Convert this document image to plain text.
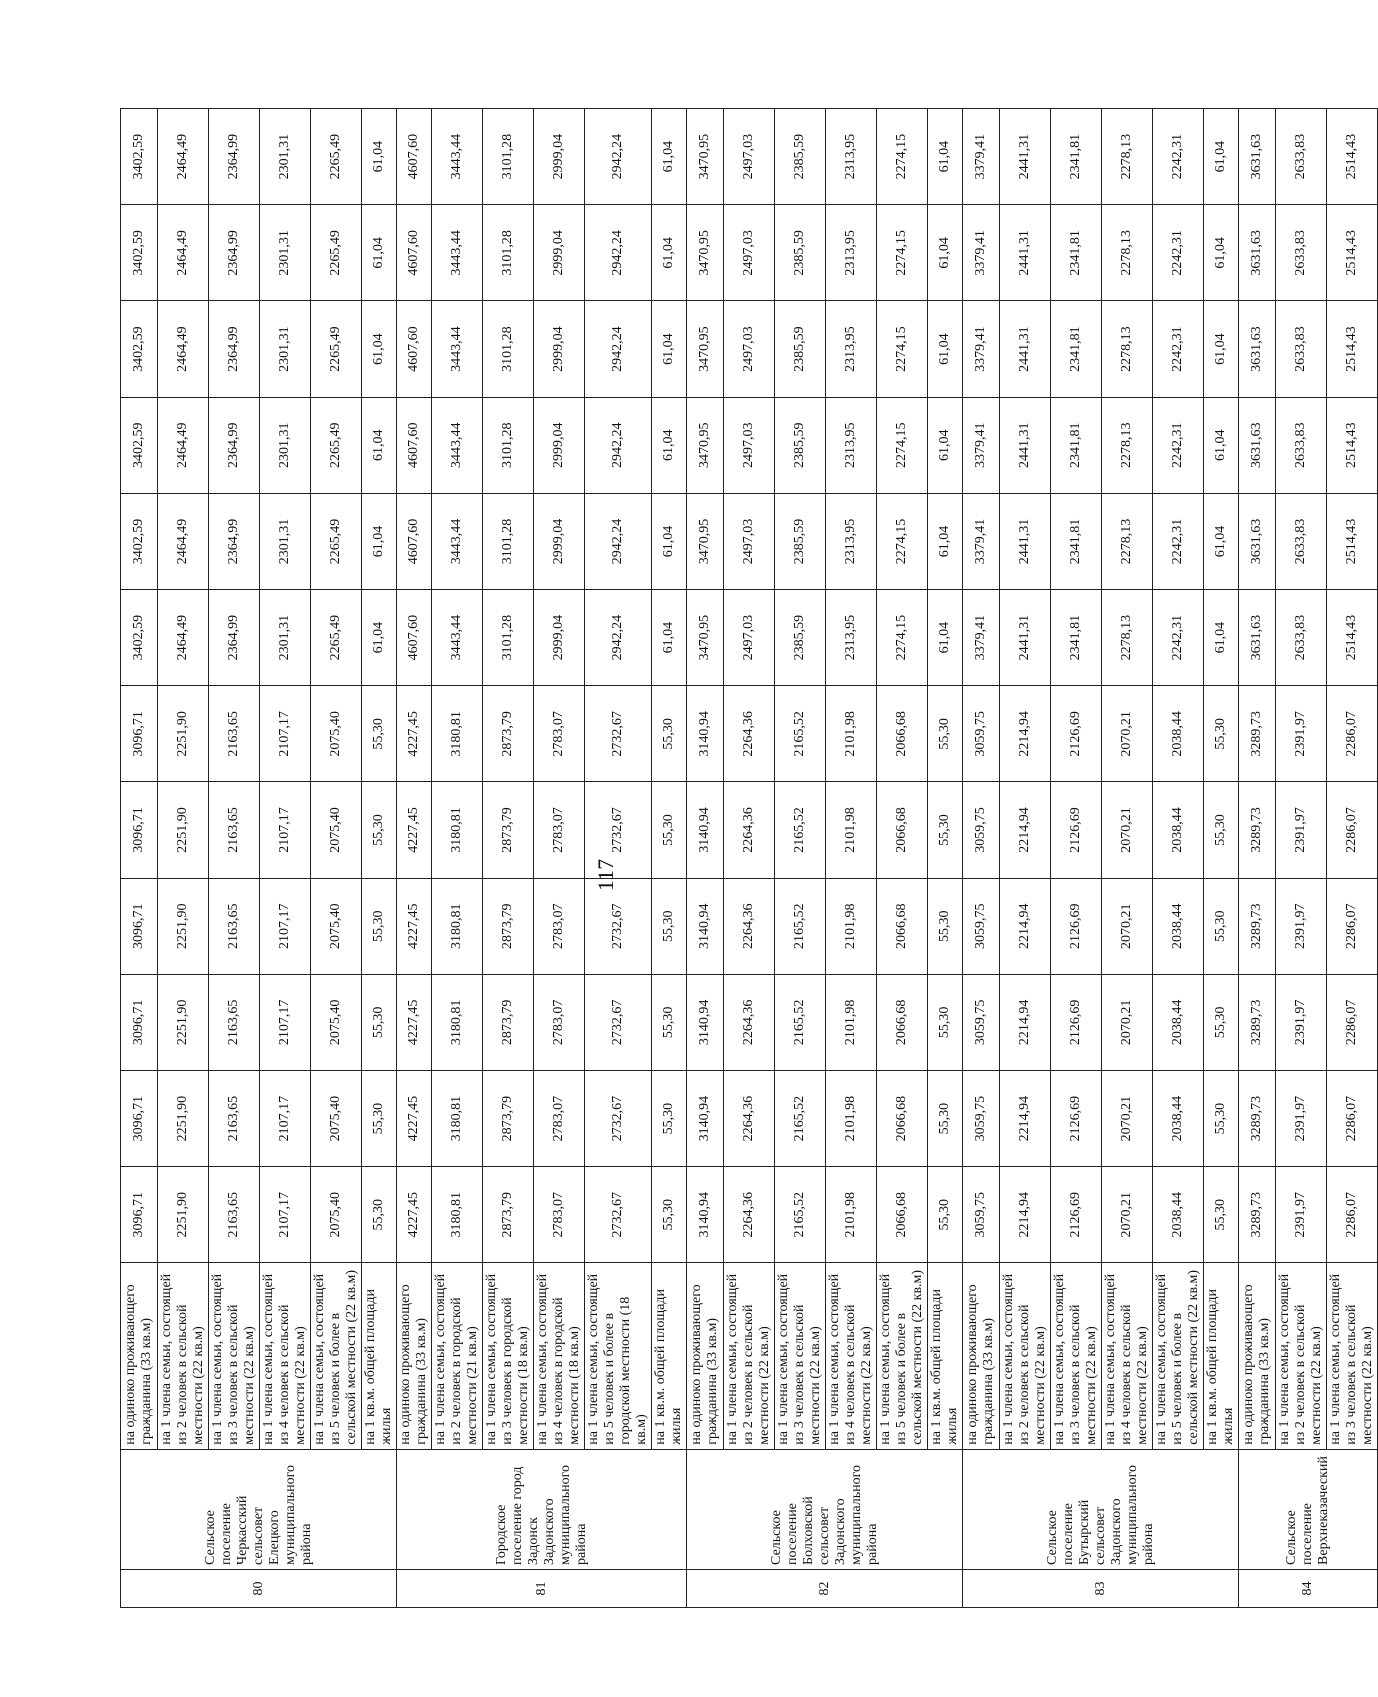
80	Сельское поселение Черкасский сельсовет Елецкого муниципального района	на одиноко проживающего гражданина (33 кв.м)	3096,71	3096,71	3096,71	3096,71	3096,71	3096,71	3402,59	3402,59	3402,59	3402,59	3402,59	3402,59
		на 1 члена семьи, состоящей из 2 человек в сельской местности (22 кв.м)	2251,90	2251,90	2251,90	2251,90	2251,90	2251,90	2464,49	2464,49	2464,49	2464,49	2464,49	2464,49
		на 1 члена семьи, состоящей из 3 человек в сельской местности (22 кв.м)	2163,65	2163,65	2163,65	2163,65	2163,65	2163,65	2364,99	2364,99	2364,99	2364,99	2364,99	2364,99
		на 1 члена семьи, состоящей из 4 человек в сельской местности (22 кв.м)	2107,17	2107,17	2107,17	2107,17	2107,17	2107,17	2301,31	2301,31	2301,31	2301,31	2301,31	2301,31
		на 1 члена семьи, состоящей из 5 человек и более в сельской местности (22 кв.м)	2075,40	2075,40	2075,40	2075,40	2075,40	2075,40	2265,49	2265,49	2265,49	2265,49	2265,49	2265,49
		на 1 кв.м. общей площади жилья	55,30	55,30	55,30	55,30	55,30	55,30	61,04	61,04	61,04	61,04	61,04	61,04
81	Городское поселение город Задонск Задонского муниципального района	на одиноко проживающего гражданина (33 кв.м)	4227,45	4227,45	4227,45	4227,45	4227,45	4227,45	4607,60	4607,60	4607,60	4607,60	4607,60	4607,60
		на 1 члена семьи, состоящей из 2 человек в городской местности (21 кв.м)	3180,81	3180,81	3180,81	3180,81	3180,81	3180,81	3443,44	3443,44	3443,44	3443,44	3443,44	3443,44
		на 1 члена семьи, состоящей из 3 человек в городской местности (18 кв.м)	2873,79	2873,79	2873,79	2873,79	2873,79	2873,79	3101,28	3101,28	3101,28	3101,28	3101,28	3101,28
		на 1 члена семьи, состоящей из 4 человек в городской местности (18 кв.м)	2783,07	2783,07	2783,07	2783,07	2783,07	2783,07	2999,04	2999,04	2999,04	2999,04	2999,04	2999,04
		на 1 члена семьи, состоящей из 5 человек и более в городской местности (18 кв.м)	2732,67	2732,67	2732,67	2732,67	2732,67	2732,67	2942,24	2942,24	2942,24	2942,24	2942,24	2942,24
		на 1 кв.м. общей площади жилья	55,30	55,30	55,30	55,30	55,30	55,30	61,04	61,04	61,04	61,04	61,04	61,04
82	Сельское поселение Болховской сельсовет Задонского муниципального района	на одиноко проживающего гражданина (33 кв.м)	3140,94	3140,94	3140,94	3140,94	3140,94	3140,94	3470,95	3470,95	3470,95	3470,95	3470,95	3470,95
		на 1 члена семьи, состоящей из 2 человек в сельской местности (22 кв.м)	2264,36	2264,36	2264,36	2264,36	2264,36	2264,36	2497,03	2497,03	2497,03	2497,03	2497,03	2497,03
		на 1 члена семьи, состоящей из 3 человек в сельской местности (22 кв.м)	2165,52	2165,52	2165,52	2165,52	2165,52	2165,52	2385,59	2385,59	2385,59	2385,59	2385,59	2385,59
		на 1 члена семьи, состоящей из 4 человек в сельской местности (22 кв.м)	2101,98	2101,98	2101,98	2101,98	2101,98	2101,98	2313,95	2313,95	2313,95	2313,95	2313,95	2313,95
		на 1 члена семьи, состоящей из 5 человек и более в сельской местности (22 кв.м)	2066,68	2066,68	2066,68	2066,68	2066,68	2066,68	2274,15	2274,15	2274,15	2274,15	2274,15	2274,15
		на 1 кв.м. общей площади жилья	55,30	55,30	55,30	55,30	55,30	55,30	61,04	61,04	61,04	61,04	61,04	61,04
83	Сельское поселение Бутырский сельсовет Задонского муниципального района	на одиноко проживающего гражданина (33 кв.м)	3059,75	3059,75	3059,75	3059,75	3059,75	3059,75	3379,41	3379,41	3379,41	3379,41	3379,41	3379,41
		на 1 члена семьи, состоящей из 2 человек в сельской местности (22 кв.м)	2214,94	2214,94	2214,94	2214,94	2214,94	2214,94	2441,31	2441,31	2441,31	2441,31	2441,31	2441,31
		на 1 члена семьи, состоящей из 3 человек в сельской местности (22 кв.м)	2126,69	2126,69	2126,69	2126,69	2126,69	2126,69	2341,81	2341,81	2341,81	2341,81	2341,81	2341,81
		на 1 члена семьи, состоящей из 4 человек в сельской местности (22 кв.м)	2070,21	2070,21	2070,21	2070,21	2070,21	2070,21	2278,13	2278,13	2278,13	2278,13	2278,13	2278,13
		на 1 члена семьи, состоящей из 5 человек и более в сельской местности (22 кв.м)	2038,44	2038,44	2038,44	2038,44	2038,44	2038,44	2242,31	2242,31	2242,31	2242,31	2242,31	2242,31
		на 1 кв.м. общей площади жилья	55,30	55,30	55,30	55,30	55,30	55,30	61,04	61,04	61,04	61,04	61,04	61,04
84	Сельское поселение Верхнеказаческий	на одиноко проживающего гражданина (33 кв.м)	3289,73	3289,73	3289,73	3289,73	3289,73	3289,73	3631,63	3631,63	3631,63	3631,63	3631,63	3631,63
		на 1 члена семьи, состоящей из 2 человек в сельской местности (22 кв.м)	2391,97	2391,97	2391,97	2391,97	2391,97	2391,97	2633,83	2633,83	2633,83	2633,83	2633,83	2633,83
		на 1 члена семьи, состоящей из 3 человек в сельской местности (22 кв.м)	2286,07	2286,07	2286,07	2286,07	2286,07	2286,07	2514,43	2514,43	2514,43	2514,43	2514,43	2514,43
117
